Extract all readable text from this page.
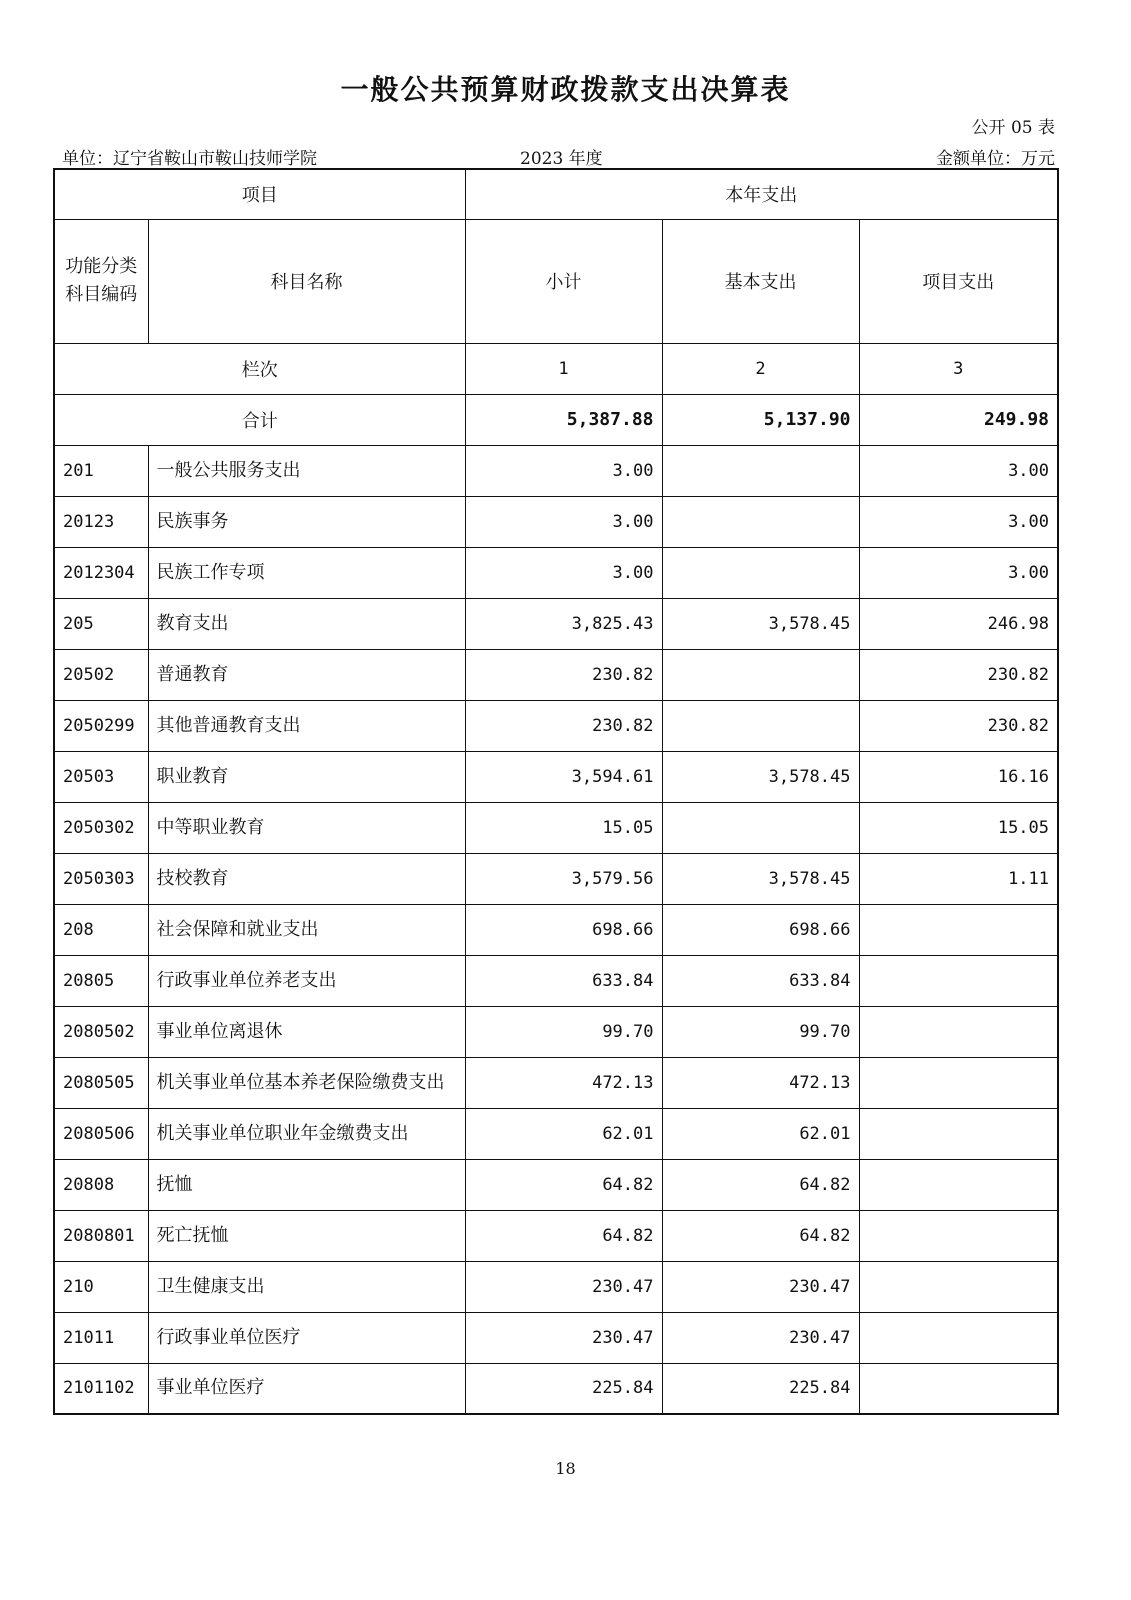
一般公共预算财政拨款支出决算表
公开 05 表
单位：辽宁省鞍山市鞍山技师学院	2023 年度	金额单位：万元
项目		本年支出		
功能分类
科目编码	科目名称	小计	基本支出	项目支出
栏次		1	2	3
合计		5,387.88	5,137.90	249.98
201	一般公共服务支出	3.00		3.00
20123	民族事务	3.00		3.00
2012304	民族工作专项	3.00		3.00
205	教育支出	3,825.43	3,578.45	246.98
20502	普通教育	230.82		230.82
2050299	其他普通教育支出	230.82		230.82
20503	职业教育	3,594.61	3,578.45	16.16
2050302	中等职业教育	15.05		15.05
2050303	技校教育	3,579.56	3,578.45	1.11
208	社会保障和就业支出	698.66	698.66	
20805	行政事业单位养老支出	633.84	633.84	
2080502	事业单位离退休	99.70	99.70	
2080505	机关事业单位基本养老保险缴费支出	472.13	472.13	
2080506	机关事业单位职业年金缴费支出	62.01	62.01	
20808	抚恤	64.82	64.82	
2080801	死亡抚恤	64.82	64.82	
210	卫生健康支出	230.47	230.47	
21011	行政事业单位医疗	230.47	230.47	
2101102	事业单位医疗	225.84	225.84	
18
